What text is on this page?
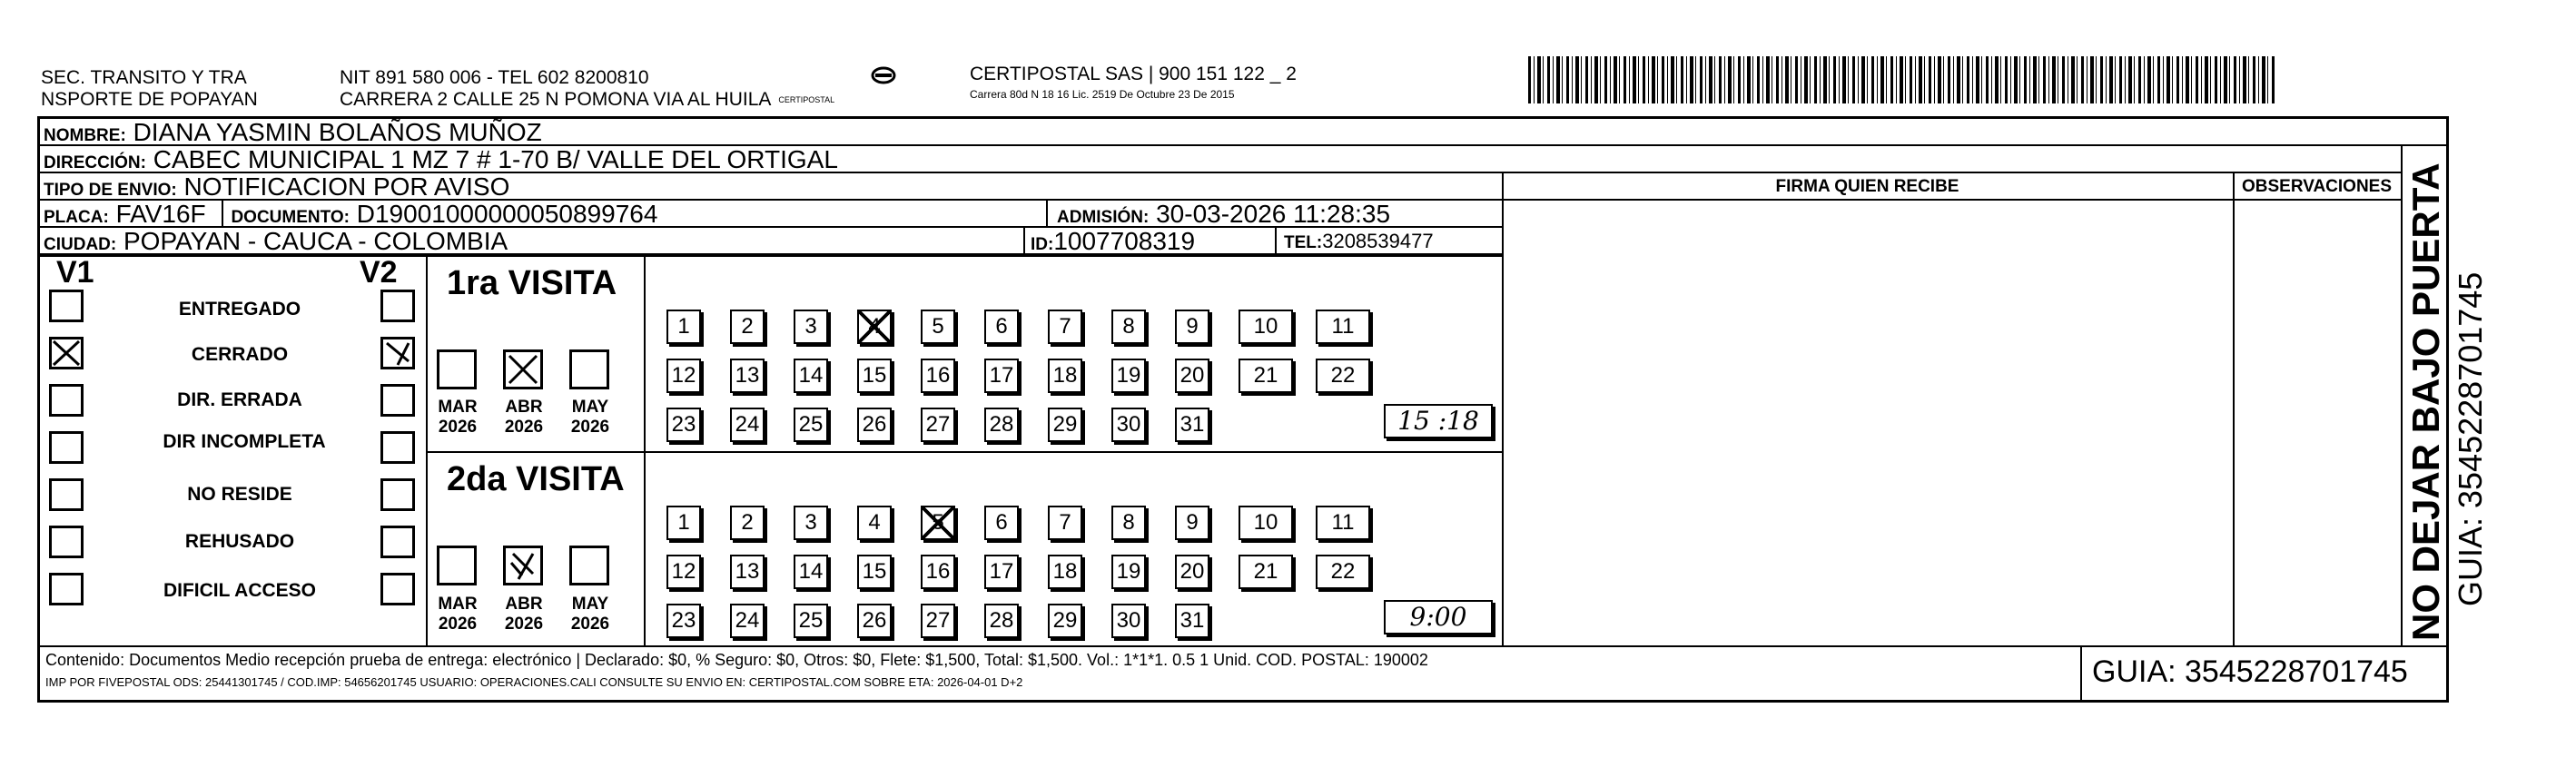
SEC. TRANSITO Y TRA
NSPORTE DE POPAYAN
NIT 891 580 006 - TEL 602 8200810
CARRERA 2 CALLE 25 N POMONA VIA AL HUILA CERTIPOSTAL
CERTIPOSTAL SAS | 900 151 122 _ 2
Carrera 80d N 18 16 Lic. 2519 De Octubre 23 De 2015
NOMBRE: DIANA YASMIN BOLAÑOS MUÑOZ
DIRECCIÓN: CABEC MUNICIPAL 1 MZ 7 # 1-70 B/ VALLE DEL ORTIGAL
TIPO DE ENVIO: NOTIFICACION POR AVISO
PLACA: FAV16F DOCUMENTO: D19001000000050899764	ADMISIÓN: 30-03-2026 11:28:35
CIUDAD: POPAYAN - CAUCA - COLOMBIA	ID:1007708319	TEL:3208539477
FIRMA QUIEN RECIBE	OBSERVACIONES
V1	V2
ENTREGADO
CERRADO
DIR. ERRADA
DIR INCOMPLETA
NO RESIDE
REHUSADO
DIFICIL ACCESO
1ra VISITA
MAR
2026
ABR
2026
MAY
2026
1	2	3	4	5	6	7	8	9	10	11
12 13 14 15 16 17 18 19 20	21	22
23 24 25 26 27 28 29 30 31	15 :18
2da VISITA
MAR
2026
ABR
2026
MAY
2026
1	2	3	4	5	6	7	8	9	10	11
12 13 14 15 16 17 18 19 20	21	22
23 24 25 26 27 28 29 30 31	9:00
Contenido: Documentos Medio recepción prueba de entrega: electrónico | Declarado: $0, % Seguro: $0, Otros: $0, Flete: $1,500, Total: $1,500. Vol.: 1*1*1. 0.5 1 Unid. COD. POSTAL: 190002
IMP POR FIVEPOSTAL ODS: 25441301745 / COD.IMP: 54656201745 USUARIO: OPERACIONES.CALI CONSULTE SU ENVIO EN: CERTIPOSTAL.COM SOBRE ETA: 2026-04-01 D+2	GUIA: 3545228701745
NO DEJAR BAJO PUERTA GUIA: 3545228701745
